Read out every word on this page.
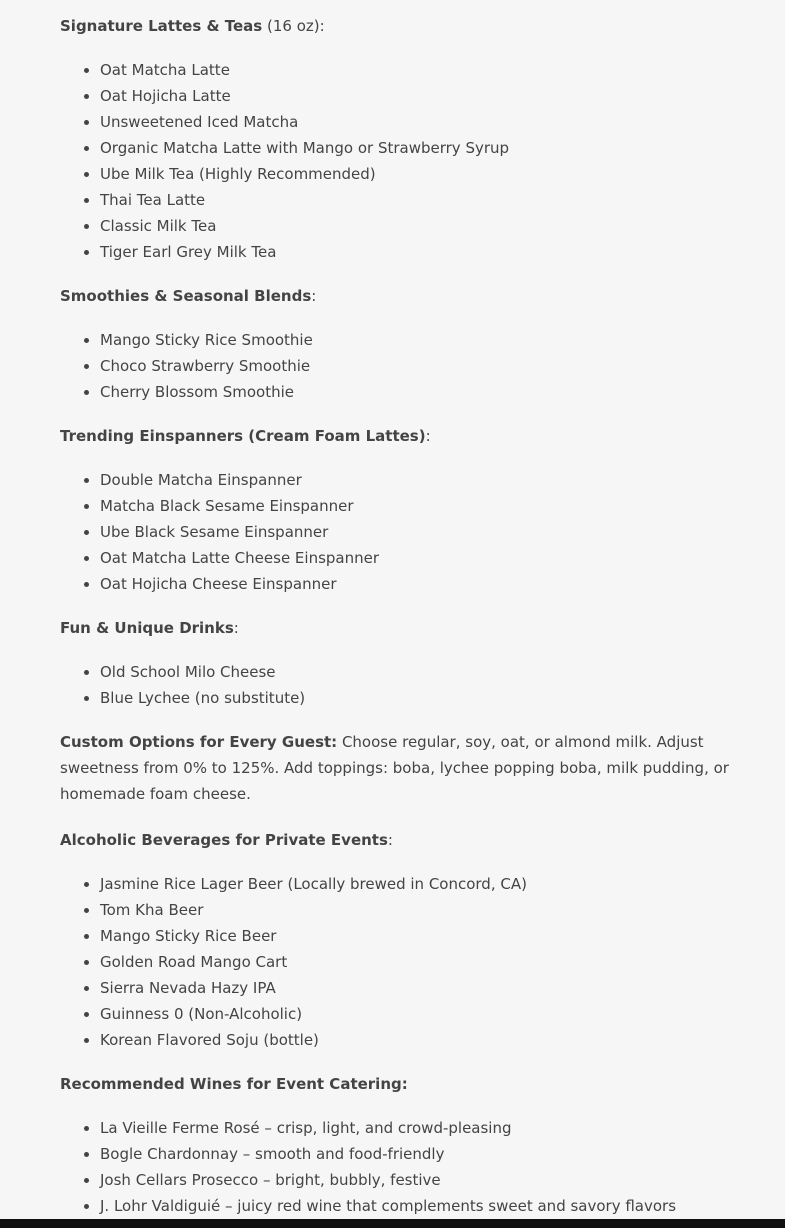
Signature Lattes & Teas (16 oz):

Oat Matcha Latte
Oat Hojicha Latte
Unsweetened Iced Matcha
Organic Matcha Latte with Mango or Strawberry Syrup
Ube Milk Tea (Highly Recommended)
Thai Tea Latte
Classic Milk Tea
Tiger Earl Grey Milk Tea

Smoothies & Seasonal Blends:

Mango Sticky Rice Smoothie
Choco Strawberry Smoothie
Cherry Blossom Smoothie

Trending Einspanners (Cream Foam Lattes):

Double Matcha Einspanner
Matcha Black Sesame Einspanner
Ube Black Sesame Einspanner
Oat Matcha Latte Cheese Einspanner
Oat Hojicha Cheese Einspanner

Fun & Unique Drinks:

Old School Milo Cheese
Blue Lychee (no substitute)

Custom Options for Every Guest: Choose regular, soy, oat, or almond milk. Adjust sweetness from 0% to 125%. Add toppings: boba, lychee popping boba, milk pudding, or homemade foam cheese.

Alcoholic Beverages for Private Events:

Jasmine Rice Lager Beer (Locally brewed in Concord, CA)
Tom Kha Beer
Mango Sticky Rice Beer
Golden Road Mango Cart
Sierra Nevada Hazy IPA
Guinness 0 (Non-Alcoholic)
Korean Flavored Soju (bottle)

Recommended Wines for Event Catering:

La Vieille Ferme Rosé – crisp, light, and crowd-pleasing
Bogle Chardonnay – smooth and food-friendly
Josh Cellars Prosecco – bright, bubbly, festive
J. Lohr Valdiguié – juicy red wine that complements sweet and savory flavors
